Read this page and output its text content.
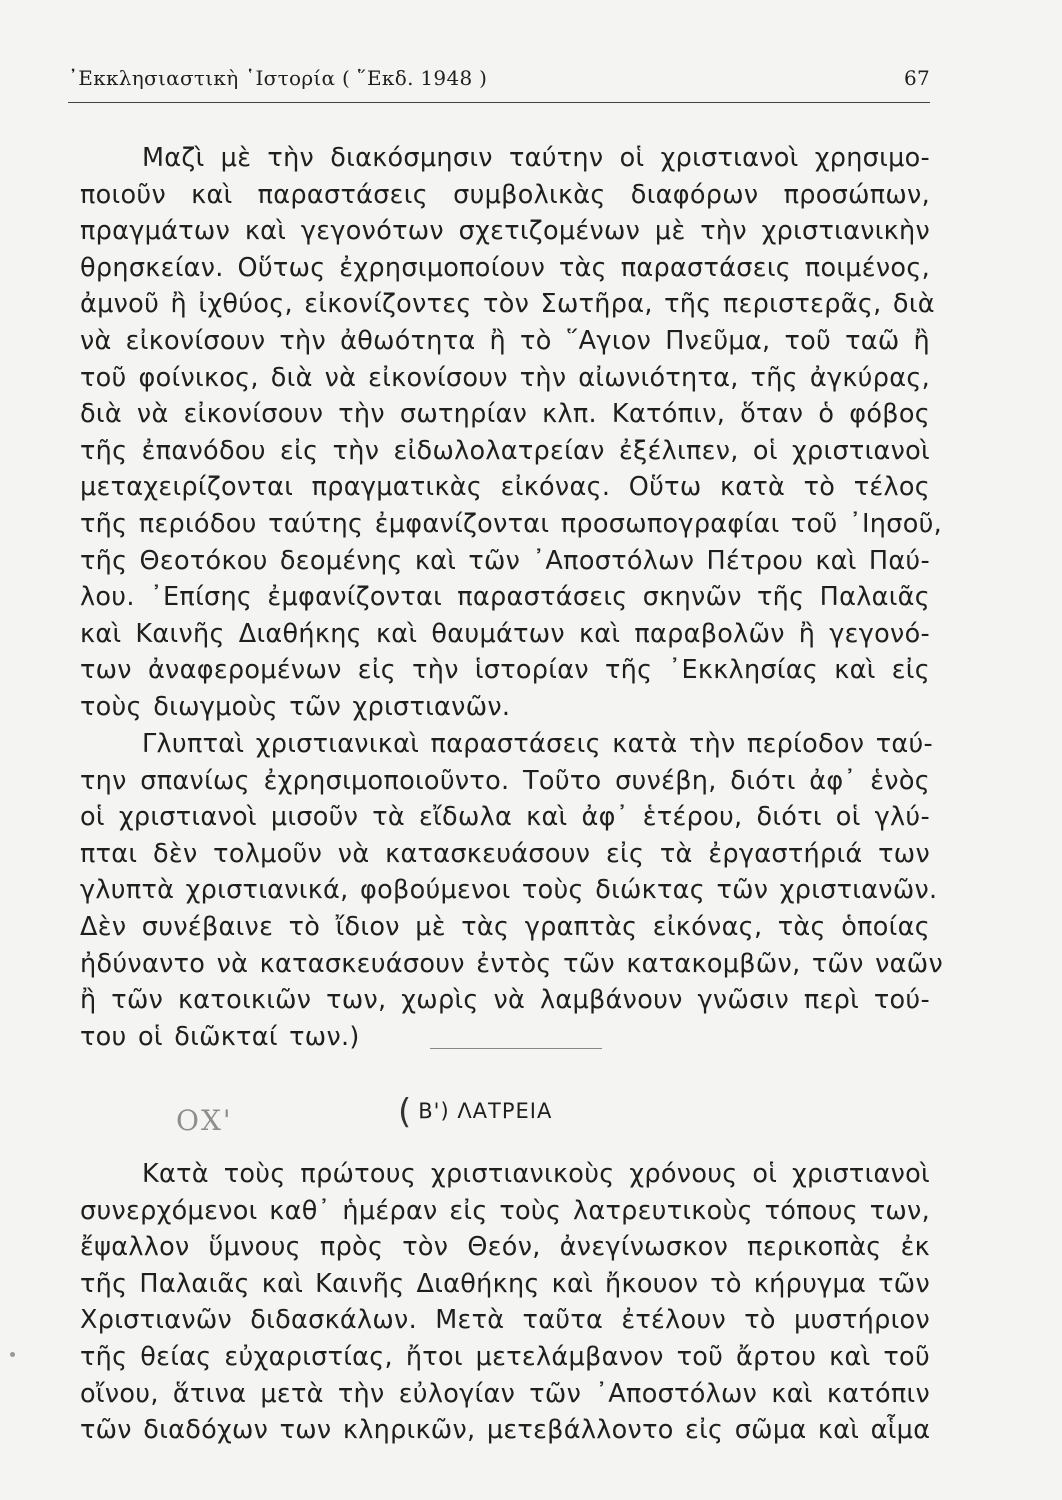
᾿Εκκλησιαστικὴ ῾Ιστορία ( ῞Εκδ. 1948 )	67
Μαζὶ μὲ τὴν διακόσμησιν ταύτην οἱ χριστιανοὶ χρησιμο-
ποιοῦν καὶ παραστάσεις συμβολικὰς διαφόρων προσώπων,
πραγμάτων καὶ γεγονότων σχετιζομένων μὲ τὴν χριστιανικὴν
θρησκείαν. Οὕτως ἐχρησιμοποίουν τὰς παραστάσεις ποιμένος,
ἀμνοῦ ἢ ἰχθύος, εἰκονίζοντες τὸν Σωτῆρα, τῆς περιστερᾶς, διὰ
νὰ εἰκονίσουν τὴν ἀθωότητα ἢ τὸ ῞Αγιον Πνεῦμα, τοῦ ταῶ ἢ
τοῦ φοίνικος, διὰ νὰ εἰκονίσουν τὴν αἰωνιότητα, τῆς ἀγκύρας,
διὰ νὰ εἰκονίσουν τὴν σωτηρίαν κλπ. Κατόπιν, ὅταν ὁ φόβος
τῆς ἐπανόδου εἰς τὴν εἰδωλολατρείαν ἐξέλιπεν, οἱ χριστιανοὶ
μεταχειρίζονται πραγματικὰς εἰκόνας. Οὕτω κατὰ τὸ τέλος
τῆς περιόδου ταύτης ἐμφανίζονται προσωπογραφίαι τοῦ ᾿Ιησοῦ,
τῆς Θεοτόκου δεομένης καὶ τῶν ᾿Αποστόλων Πέτρου καὶ Παύ-
λου. ᾿Επίσης ἐμφανίζονται παραστάσεις σκηνῶν τῆς Παλαιᾶς
καὶ Καινῆς Διαθήκης καὶ θαυμάτων καὶ παραβολῶν ἢ γεγονό-
των ἀναφερομένων εἰς τὴν ἱστορίαν τῆς ᾿Εκκλησίας καὶ εἰς
τοὺς διωγμοὺς τῶν χριστιανῶν.
Γλυπταὶ χριστιανικαὶ παραστάσεις κατὰ τὴν περίοδον ταύ-
την σπανίως ἐχρησιμοποιοῦντο. Τοῦτο συνέβη, διότι ἀφ᾿ ἑνὸς
οἱ χριστιανοὶ μισοῦν τὰ εἴδωλα καὶ ἀφ᾿ ἑτέρου, διότι οἱ γλύ-
πται δὲν τολμοῦν νὰ κατασκευάσουν εἰς τὰ ἐργαστήριά των
γλυπτὰ χριστιανικά, φοβούμενοι τοὺς διώκτας τῶν χριστιανῶν.
Δὲν συνέβαινε τὸ ἴδιον μὲ τὰς γραπτὰς εἰκόνας, τὰς ὁποίας
ἠδύναντο νὰ κατασκευάσουν ἐντὸς τῶν κατακομβῶν, τῶν ναῶν
ἢ τῶν κατοικιῶν των, χωρὶς νὰ λαμβάνουν γνῶσιν περὶ τού-
του οἱ διῶκταί των.)
ΟΧ'	( Β') ΛΑΤΡΕΙΑ
Κατὰ τοὺς πρώτους χριστιανικοὺς χρόνους οἱ χριστιανοὶ
συνερχόμενοι καθ᾿ ἡμέραν εἰς τοὺς λατρευτικοὺς τόπους των,
ἔψαλλον ὕμνους πρὸς τὸν Θεόν, ἀνεγίνωσκον περικοπὰς ἐκ
τῆς Παλαιᾶς καὶ Καινῆς Διαθήκης καὶ ἤκουον τὸ κήρυγμα τῶν
Χριστιανῶν διδασκάλων. Μετὰ ταῦτα ἐτέλουν τὸ μυστήριον
τῆς θείας εὐχαριστίας, ἤτοι μετελάμβανον τοῦ ἄρτου καὶ τοῦ
οἴνου, ἅτινα μετὰ τὴν εὐλογίαν τῶν ᾿Αποστόλων καὶ κατόπιν
τῶν διαδόχων των κληρικῶν, μετεβάλλοντο εἰς σῶμα καὶ αἷμα
